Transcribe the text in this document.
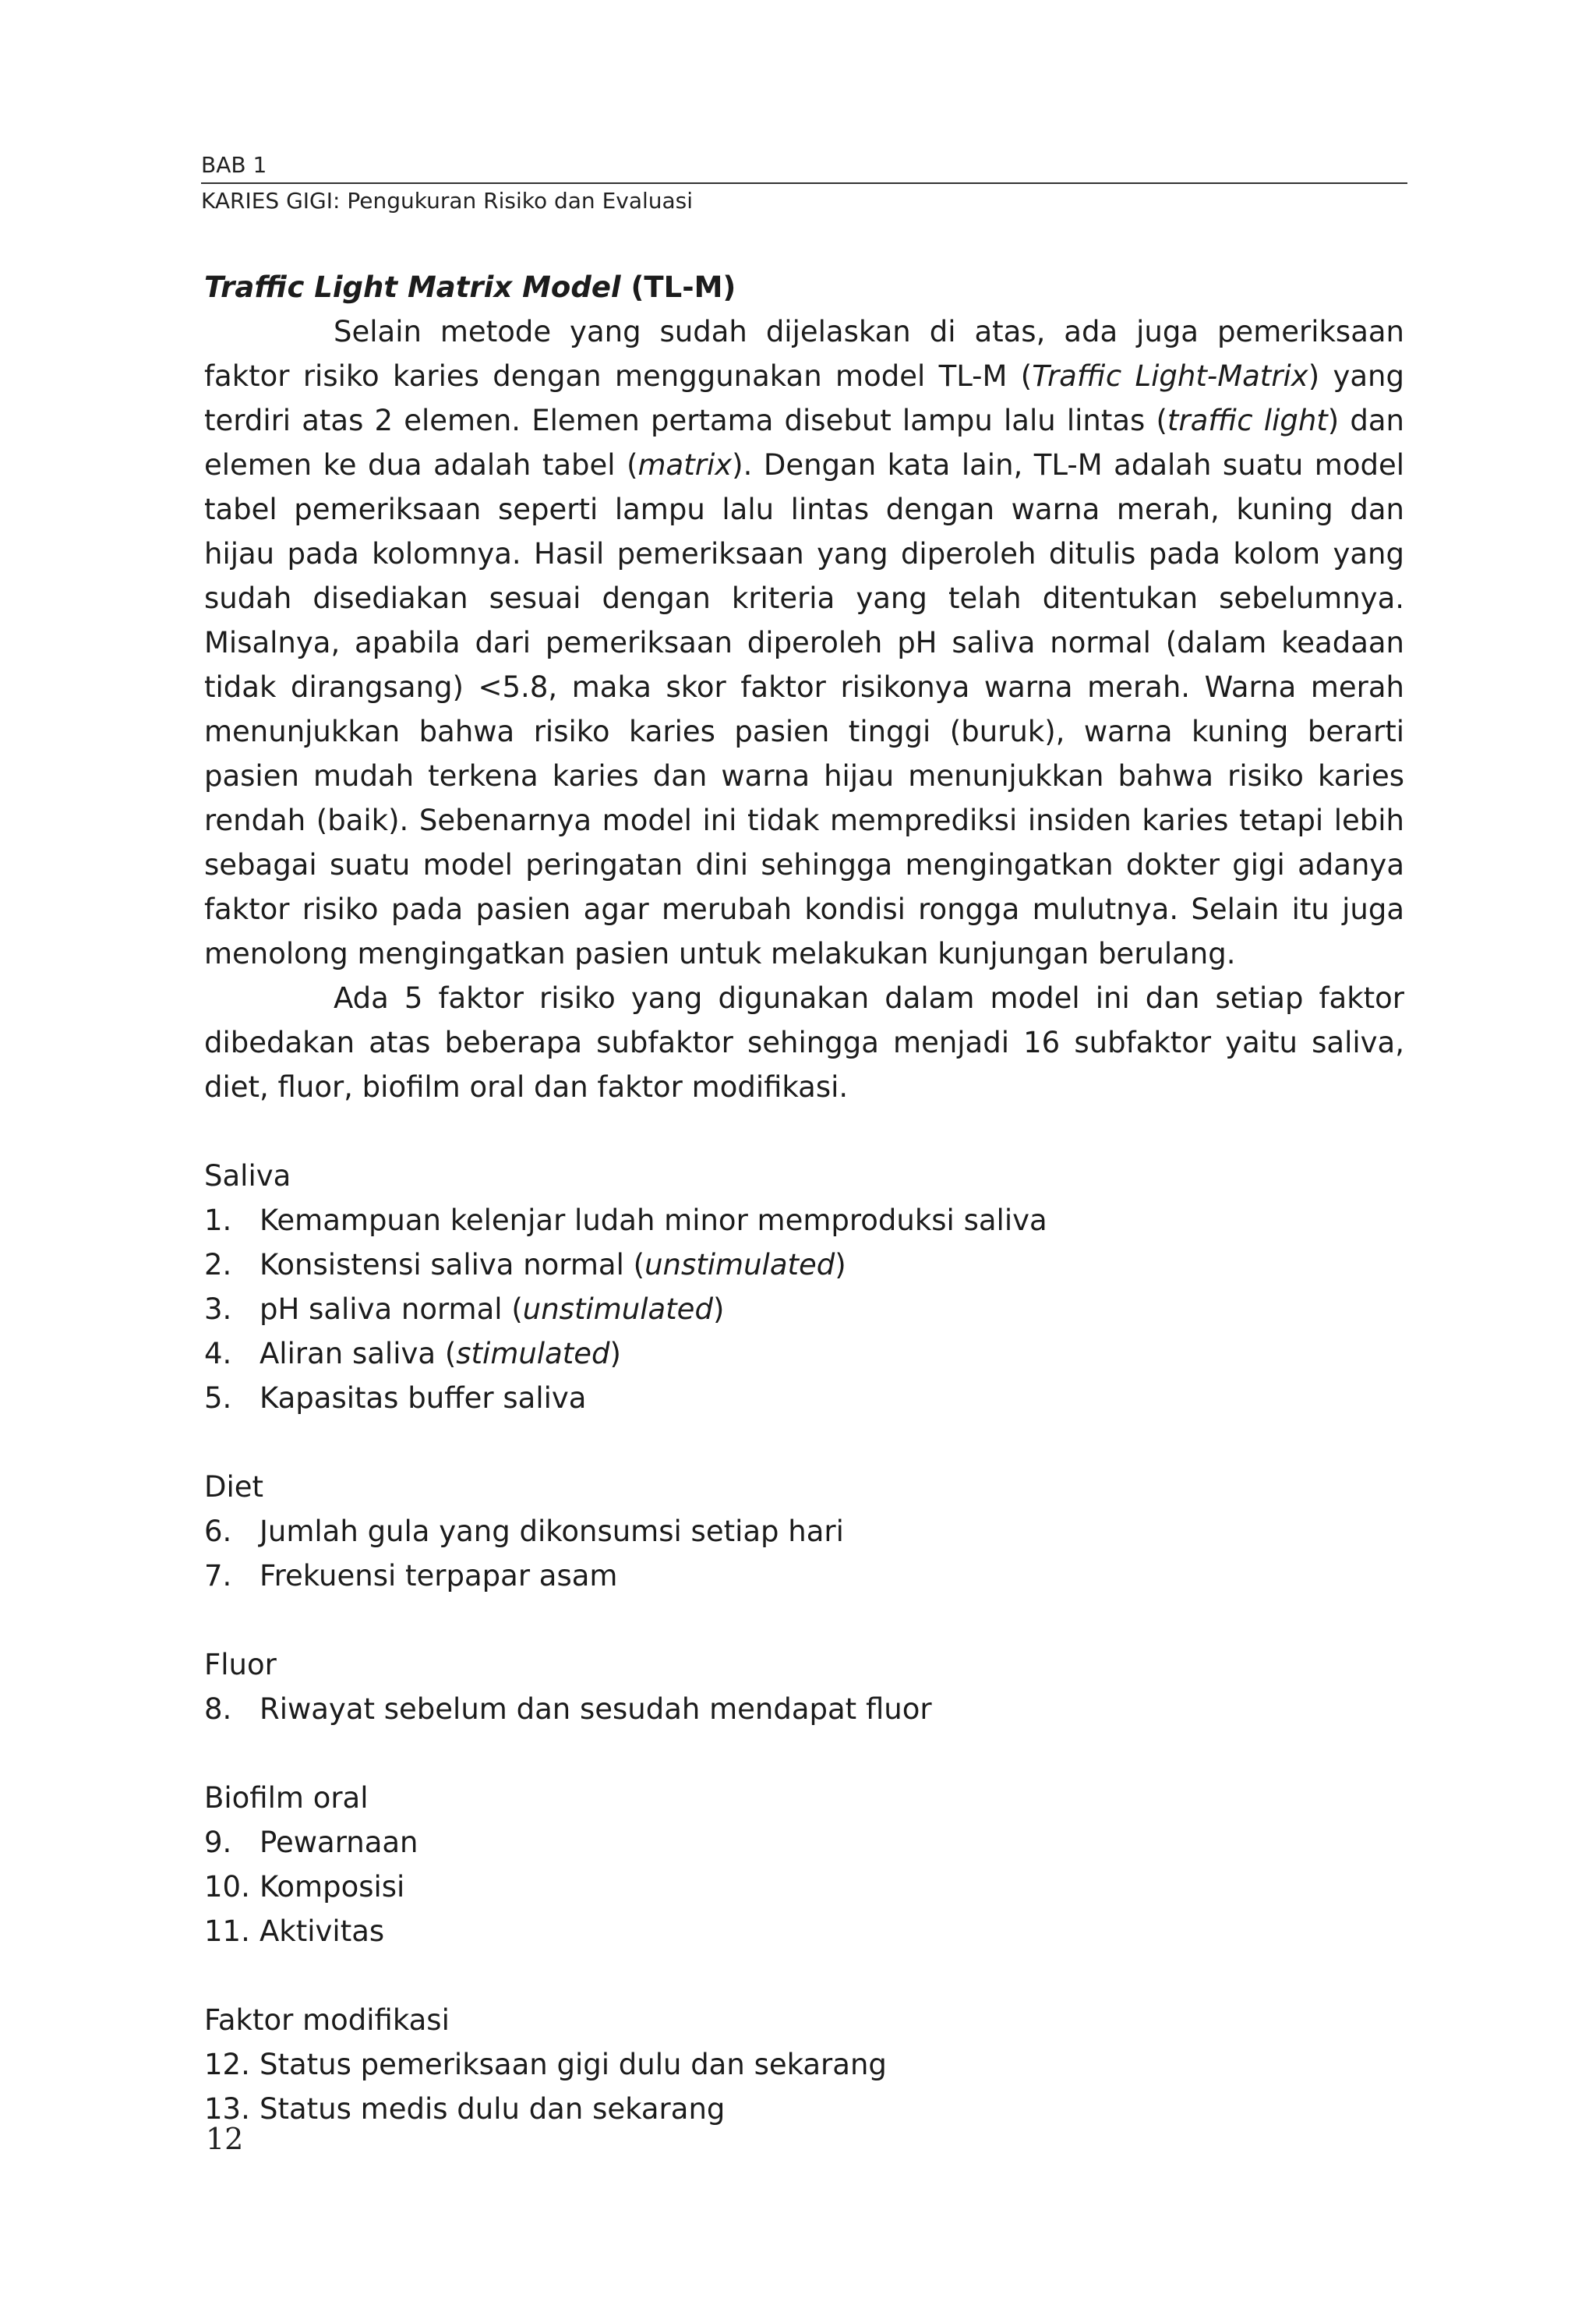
BAB 1
KARIES GIGI: Pengukuran Risiko dan Evaluasi

Traffic Light Matrix Model (TL-M)

Selain metode yang sudah dijelaskan di atas, ada juga pemeriksaan faktor risiko karies dengan menggunakan model TL-M (Traffic Light-Matrix) yang terdiri atas 2 elemen. Elemen pertama disebut lampu lalu lintas (traffic light) dan elemen ke dua adalah tabel (matrix). Dengan kata lain, TL-M adalah suatu model tabel pemeriksaan seperti lampu lalu lintas dengan warna merah, kuning dan hijau pada kolomnya. Hasil pemeriksaan yang diperoleh ditulis pada kolom yang sudah disediakan sesuai dengan kriteria yang telah ditentukan sebelumnya. Misalnya, apabila dari pemeriksaan diperoleh pH saliva normal (dalam keadaan tidak dirangsang) <5.8, maka skor faktor risikonya warna merah. Warna merah menunjukkan bahwa risiko karies pasien tinggi (buruk), warna kuning berarti pasien mudah terkena karies dan warna hijau menunjukkan bahwa risiko karies rendah (baik). Sebenarnya model ini tidak memprediksi insiden karies tetapi lebih sebagai suatu model peringatan dini sehingga mengingatkan dokter gigi adanya faktor risiko pada pasien agar merubah kondisi rongga mulutnya. Selain itu juga menolong mengingatkan pasien untuk melakukan kunjungan berulang.

Ada 5 faktor risiko yang digunakan dalam model ini dan setiap faktor dibedakan atas beberapa subfaktor sehingga menjadi 16 subfaktor yaitu saliva, diet, fluor, biofilm oral dan faktor modifikasi.

Saliva

1. Kemampuan kelenjar ludah minor memproduksi saliva
2. Konsistensi saliva normal (unstimulated)
3. pH saliva normal (unstimulated)
4. Aliran saliva (stimulated)
5. Kapasitas buffer saliva

Diet

6. Jumlah gula yang dikonsumsi setiap hari
7. Frekuensi terpapar asam

Fluor

8. Riwayat sebelum dan sesudah mendapat fluor

Biofilm oral

9. Pewarnaan
10. Komposisi
11. Aktivitas

Faktor modifikasi

12. Status pemeriksaan gigi dulu dan sekarang
13. Status medis dulu dan sekarang
12
